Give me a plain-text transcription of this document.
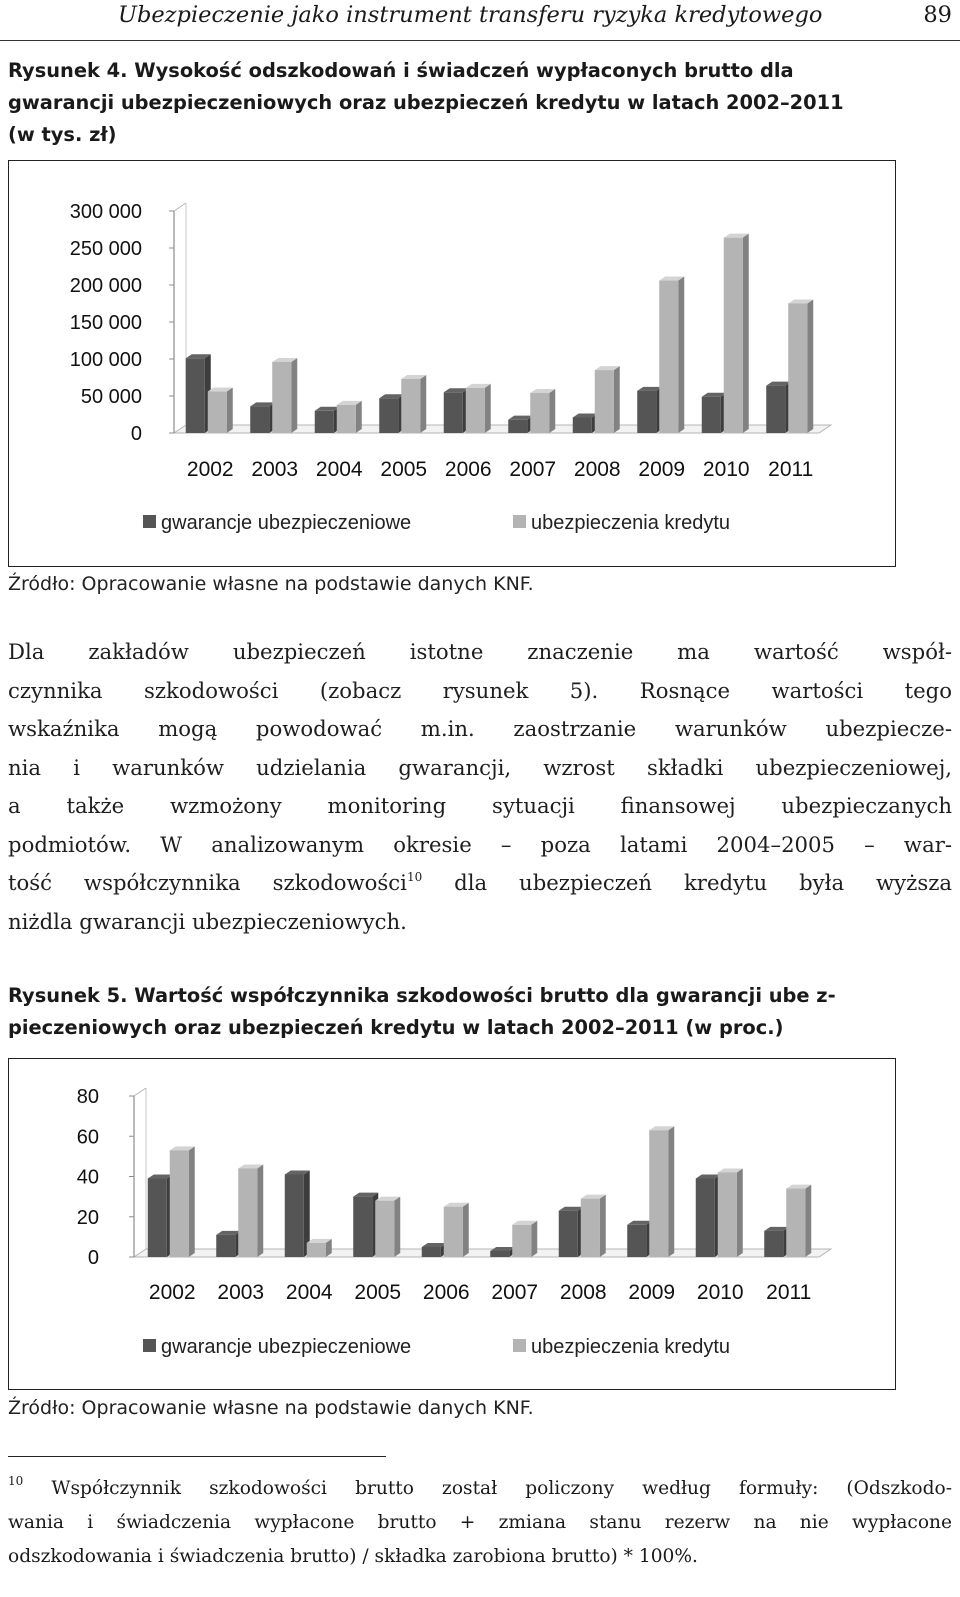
Ubezpieczenie jako instrument transferu ryzyka kredytowego	89
Rysunek 4. Wysokość odszkodowań i świadczeń wypłaconych brutto dla
gwarancji ubezpieczeniowych oraz ubezpieczeń kredytu w latach 2002–2011
(w tys. zł)
0
50 000
100 000
150 000
200 000
250 000
300 000
2002 2003 2004 2005 2006 2007 2008 2009 2010 2011
gwarancje ubezpieczeniowe	ubezpieczenia kredytu
Źródło: Opracowanie własne na podstawie danych KNF.
Dla zakładów ubezpieczeń istotne znaczenie ma wartość współ-
czynnika szkodowości (zobacz rysunek 5). Rosnące wartości tego
wskaźnika mogą powodować m.in. zaostrzanie warunków ubezpiecze-
nia i warunków udzielania gwarancji, wzrost składki ubezpieczeniowej,
a także wzmożony monitoring sytuacji finansowej ubezpieczanych
podmiotów. W analizowanym okresie – poza latami 2004–2005 – war-
tość współczynnika szkodowości$^{10}$ dla ubezpieczeń kredytu była wyższa
niżdla gwarancji ubezpieczeniowych.
Rysunek 5. Wartość współczynnika szkodowości brutto dla gwarancji ube z-
pieczeniowych oraz ubezpieczeń kredytu w latach 2002–2011 (w proc.)
0
20
40
60
80
2002 2003 2004 2005 2006 2007 2008 2009 2010 2011
gwarancje ubezpieczeniowe	ubezpieczenia kredytu
Źródło: Opracowanie własne na podstawie danych KNF.
$^{10}$ Współczynnik szkodowości brutto został policzony według formuły: (Odszkodo-
wania i świadczenia wypłacone brutto + zmiana stanu rezerw na nie wypłacone
odszkodowania i świadczenia brutto) / składka zarobiona brutto) * 100%.
